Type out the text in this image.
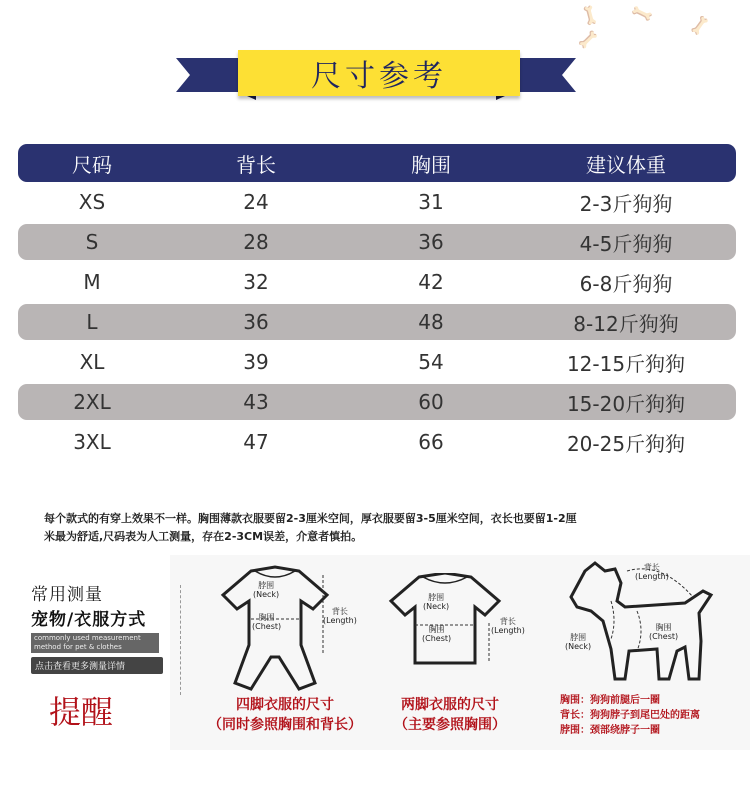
🦴 🦴 🦴
🦴
尺寸参考
尺码	背长	胸围	建议体重
XS	24	31	2-3斤狗狗
S	28	36	4-5斤狗狗
M	32	42	6-8斤狗狗
L	36	48	8-12斤狗狗
XL	39	54	12-15斤狗狗
2XL	43	60	15-20斤狗狗
3XL	47	66	20-25斤狗狗
每个款式的有穿上效果不一样。胸围薄款衣服要留2-3厘米空间，厚衣服要留3-5厘米空间，衣长也要留1-2厘
米最为舒适,尺码表为人工测量，存在2-3CM误差，介意者慎拍。
常用测量
宠物/衣服方式
commonly used measurement
method for pet & clothes
点击查看更多测量详情
提醒
脖围
(Neck)
胸围
(Chest)
背长
(Length)
四脚衣服的尺寸
（同时参照胸围和背长）
脖围
(Neck)
胸围
(Chest)
背长
(Length)
两脚衣服的尺寸
（主要参照胸围）
背长
(Length)
脖围
(Neck)
胸围
(Chest)
胸围：狗狗前腿后一圈
背长：狗狗脖子到尾巴处的距离
脖围：颈部绕脖子一圈
